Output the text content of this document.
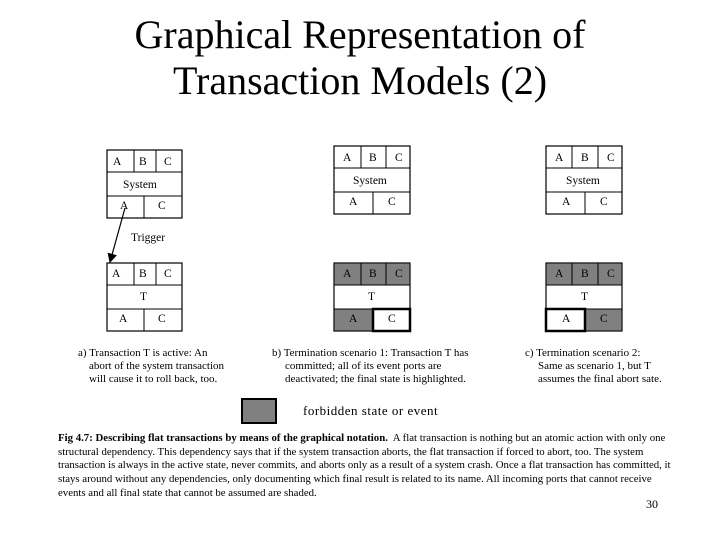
Graphical Representation of
Transaction Models (2)
A B C
System
A	C
Trigger
A B C
T
A	C
A B C
System
A	C
A B C
T
A	C
A B C
System
A	C
A B C
T
A	C
a) Transaction T is active: An
abort of the system transaction
will cause it to roll back, too.
b) Termination scenario 1: Transaction T has
committed; all of its event ports are
deactivated; the final state is highlighted.
c) Termination scenario 2:
Same as scenario 1, but T
assumes the final abort sate.
forbidden state or event
Fig 4.7: Describing flat transactions by means of the graphical notation. A flat transaction is nothing but an atomic action with only one structural dependency. This dependency says that if the system transaction aborts, the flat transaction if forced to abort, too. The system transaction is always in the active state, never commits, and aborts only as a result of a system crash. Once a flat transaction has committed, it stays around without any dependencies, only documenting which final result is related to its name. All incoming ports that cannot receive events and all final state that cannot be assumed are shaded.
30
